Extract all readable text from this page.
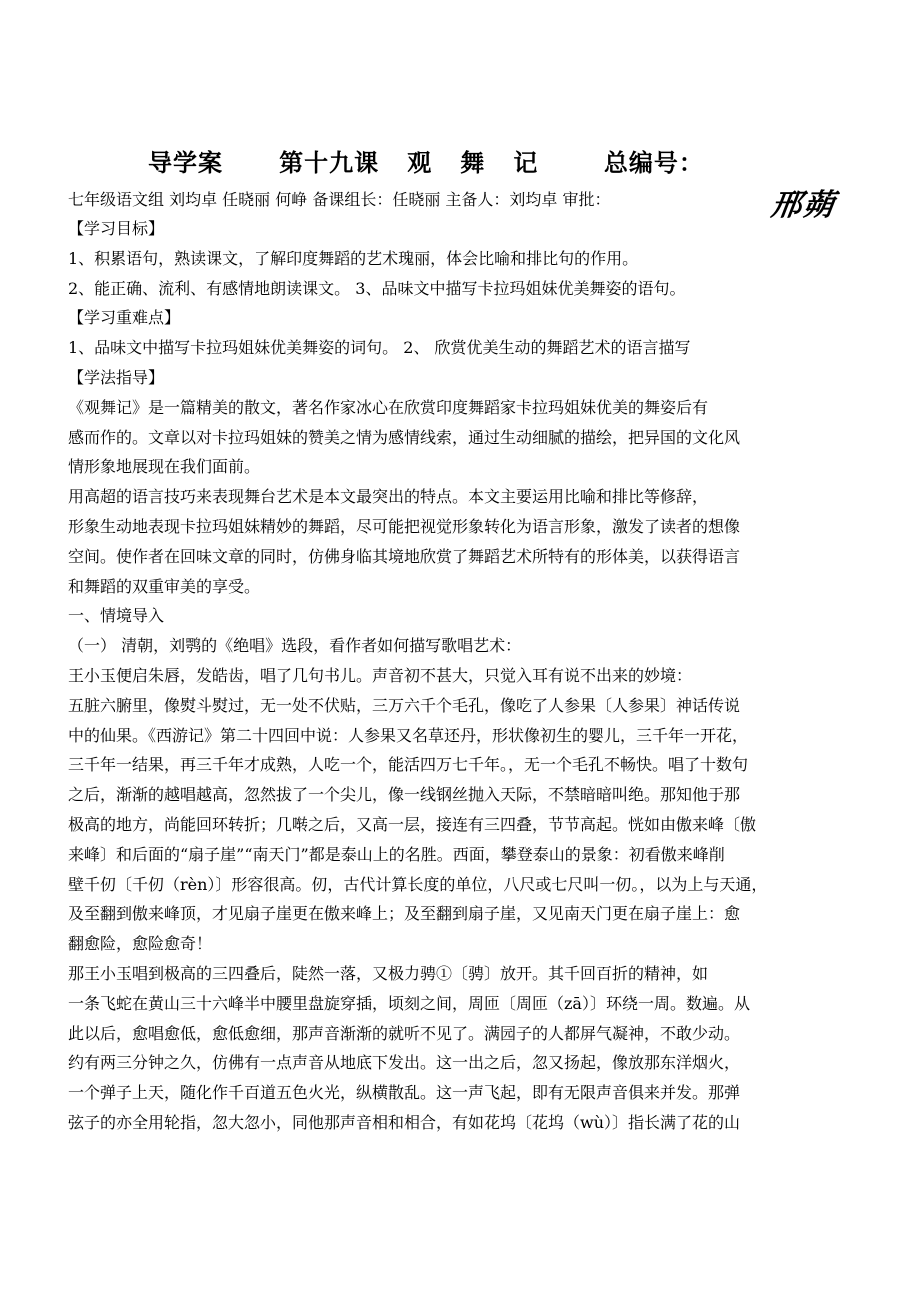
导学案      第十九课   观   舞   记       总编号：
七年级语文组 刘均卓 任晓丽 何峥 备课组长：任晓丽 主备人：刘均卓 审批：	邢蒴
【学习目标】
1、积累语句，熟读课文，了解印度舞蹈的艺术瑰丽，体会比喻和排比句的作用。
2、能正确、流利、有感情地朗读课文。 3、品味文中描写卡拉玛姐妹优美舞姿的语句。
【学习重难点】
1、品味文中描写卡拉玛姐妹优美舞姿的词句。 2、 欣赏优美生动的舞蹈艺术的语言描写
【学法指导】
《观舞记》是一篇精美的散文，著名作家冰心在欣赏印度舞蹈家卡拉玛姐妹优美的舞姿后有
感而作的。文章以对卡拉玛姐妹的赞美之情为感情线索，通过生动细腻的描绘，把异国的文化风
情形象地展现在我们面前。
用高超的语言技巧来表现舞台艺术是本文最突出的特点。本文主要运用比喻和排比等修辞，
形象生动地表现卡拉玛姐妹精妙的舞蹈，尽可能把视觉形象转化为语言形象，激发了读者的想像
空间。使作者在回味文章的同时，仿佛身临其境地欣赏了舞蹈艺术所特有的形体美，以获得语言
和舞蹈的双重审美的享受。
一、情境导入
（一） 清朝，刘鹗的《绝唱》选段，看作者如何描写歌唱艺术：
王小玉便启朱唇，发皓齿，唱了几句书儿。声音初不甚大，只觉入耳有说不出来的妙境：
五脏六腑里，像熨斗熨过，无一处不伏贴，三万六千个毛孔，像吃了人参果〔人参果〕神话传说
中的仙果。《西游记》第二十四回中说：人参果又名草还丹，形状像初生的婴儿，三千年一开花，
三千年一结果，再三千年才成熟，人吃一个，能活四万七千年。，无一个毛孔不畅快。唱了十数句
之后，渐渐的越唱越高，忽然拔了一个尖儿，像一线钢丝抛入天际，不禁暗暗叫绝。那知他于那
极高的地方，尚能回环转折；几啭之后，又高一层，接连有三四叠，节节高起。恍如由傲来峰〔傲
来峰〕和后面的“扇子崖”“南天门”都是泰山上的名胜。西面，攀登泰山的景象：初看傲来峰削
壁千仞〔千仞（rèn）〕形容很高。仞，古代计算长度的单位，八尺或七尺叫一仞。，以为上与天通，
及至翻到傲来峰顶，才见扇子崖更在傲来峰上；及至翻到扇子崖，又见南天门更在扇子崖上：愈
翻愈险，愈险愈奇！
那王小玉唱到极高的三四叠后，陡然一落，又极力骋①〔骋〕放开。其千回百折的精神，如
一条飞蛇在黄山三十六峰半中腰里盘旋穿插，顷刻之间，周匝〔周匝（zā）〕环绕一周。数遍。从
此以后，愈唱愈低，愈低愈细，那声音渐渐的就听不见了。满园子的人都屏气凝神，不敢少动。
约有两三分钟之久，仿佛有一点声音从地底下发出。这一出之后，忽又扬起，像放那东洋烟火，
一个弹子上天，随化作千百道五色火光，纵横散乱。这一声飞起，即有无限声音俱来并发。那弹
弦子的亦全用轮指，忽大忽小，同他那声音相和相合，有如花坞〔花坞（wù）〕指长满了花的山
